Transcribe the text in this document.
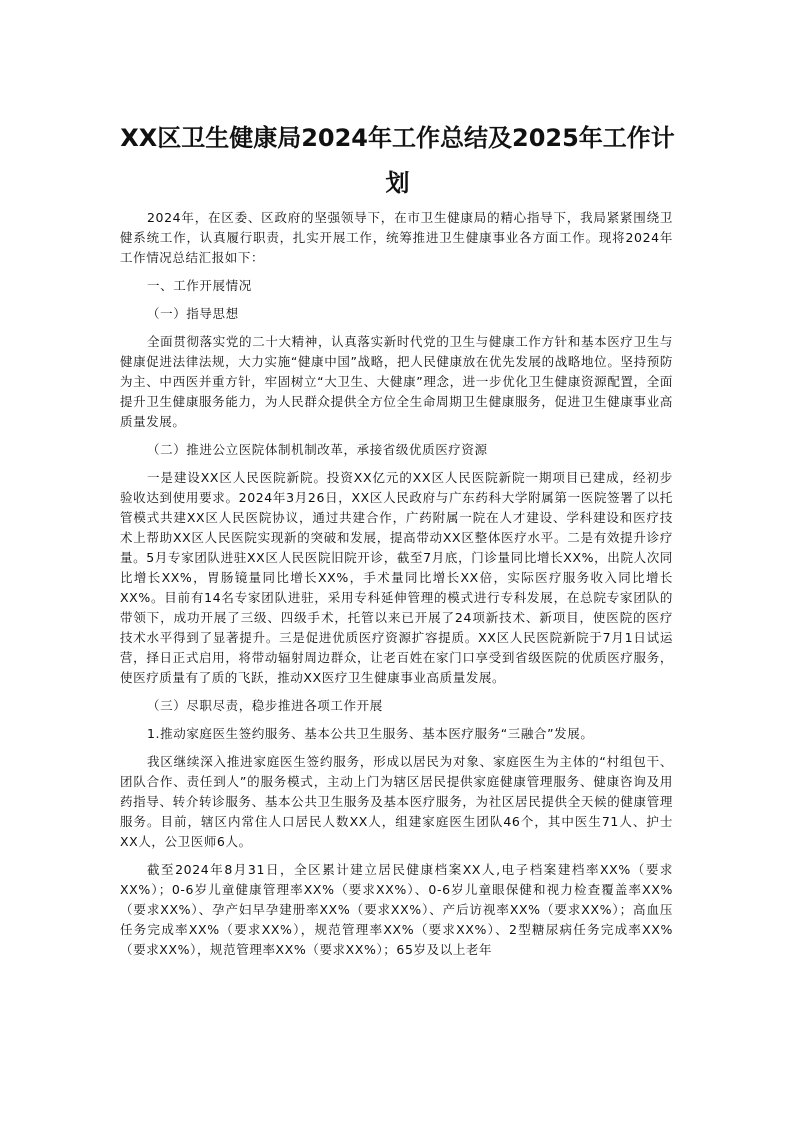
XX区卫生健康局2024年工作总结及2025年工作计划

2024年，在区委、区政府的坚强领导下，在市卫生健康局的精心指导下，我局紧紧围绕卫健系统工作，认真履行职责，扎实开展工作，统筹推进卫生健康事业各方面工作。现将2024年工作情况总结汇报如下：

一、工作开展情况

（一）指导思想

全面贯彻落实党的二十大精神，认真落实新时代党的卫生与健康工作方针和基本医疗卫生与健康促进法律法规，大力实施“健康中国”战略，把人民健康放在优先发展的战略地位。坚持预防为主、中西医并重方针，牢固树立“大卫生、大健康”理念，进一步优化卫生健康资源配置，全面提升卫生健康服务能力，为人民群众提供全方位全生命周期卫生健康服务，促进卫生健康事业高质量发展。

（二）推进公立医院体制机制改革，承接省级优质医疗资源

一是建设XX区人民医院新院。投资XX亿元的XX区人民医院新院一期项目已建成，经初步验收达到使用要求。2024年3月26日，XX区人民政府与广东药科大学附属第一医院签署了以托管模式共建XX区人民医院协议，通过共建合作，广药附属一院在人才建设、学科建设和医疗技术上帮助XX区人民医院实现新的突破和发展，提高带动XX区整体医疗水平。二是有效提升诊疗量。5月专家团队进驻XX区人民医院旧院开诊，截至7月底，门诊量同比增长XX%，出院人次同比增长XX%，胃肠镜量同比增长XX%，手术量同比增长XX倍，实际医疗服务收入同比增长XX%。目前有14名专家团队进驻，采用专科延伸管理的模式进行专科发展，在总院专家团队的带领下，成功开展了三级、四级手术，托管以来已开展了24项新技术、新项目，使医院的医疗技术水平得到了显著提升。三是促进优质医疗资源扩容提质。XX区人民医院新院于7月1日试运营，择日正式启用，将带动辐射周边群众，让老百姓在家门口享受到省级医院的优质医疗服务，使医疗质量有了质的飞跃，推动XX医疗卫生健康事业高质量发展。

（三）尽职尽责，稳步推进各项工作开展

1.推动家庭医生签约服务、基本公共卫生服务、基本医疗服务“三融合”发展。

我区继续深入推进家庭医生签约服务，形成以居民为对象、家庭医生为主体的“村组包干、团队合作、责任到人”的服务模式，主动上门为辖区居民提供家庭健康管理服务、健康咨询及用药指导、转介转诊服务、基本公共卫生服务及基本医疗服务，为社区居民提供全天候的健康管理服务。目前，辖区内常住人口居民人数XX人，组建家庭医生团队46个，其中医生71人、护士XX人，公卫医师6人。

截至2024年8月31日，全区累计建立居民健康档案XX人,电子档案建档率XX%（要求XX%）；0-6岁儿童健康管理率XX%（要求XX%）、0-6岁儿童眼保健和视力检查覆盖率XX%（要求XX%）、孕产妇早孕建册率XX%（要求XX%）、产后访视率XX%（要求XX%）；高血压任务完成率XX%（要求XX%），规范管理率XX%（要求XX%）、2型糖尿病任务完成率XX%（要求XX%），规范管理率XX%（要求XX%）；65岁及以上老年
